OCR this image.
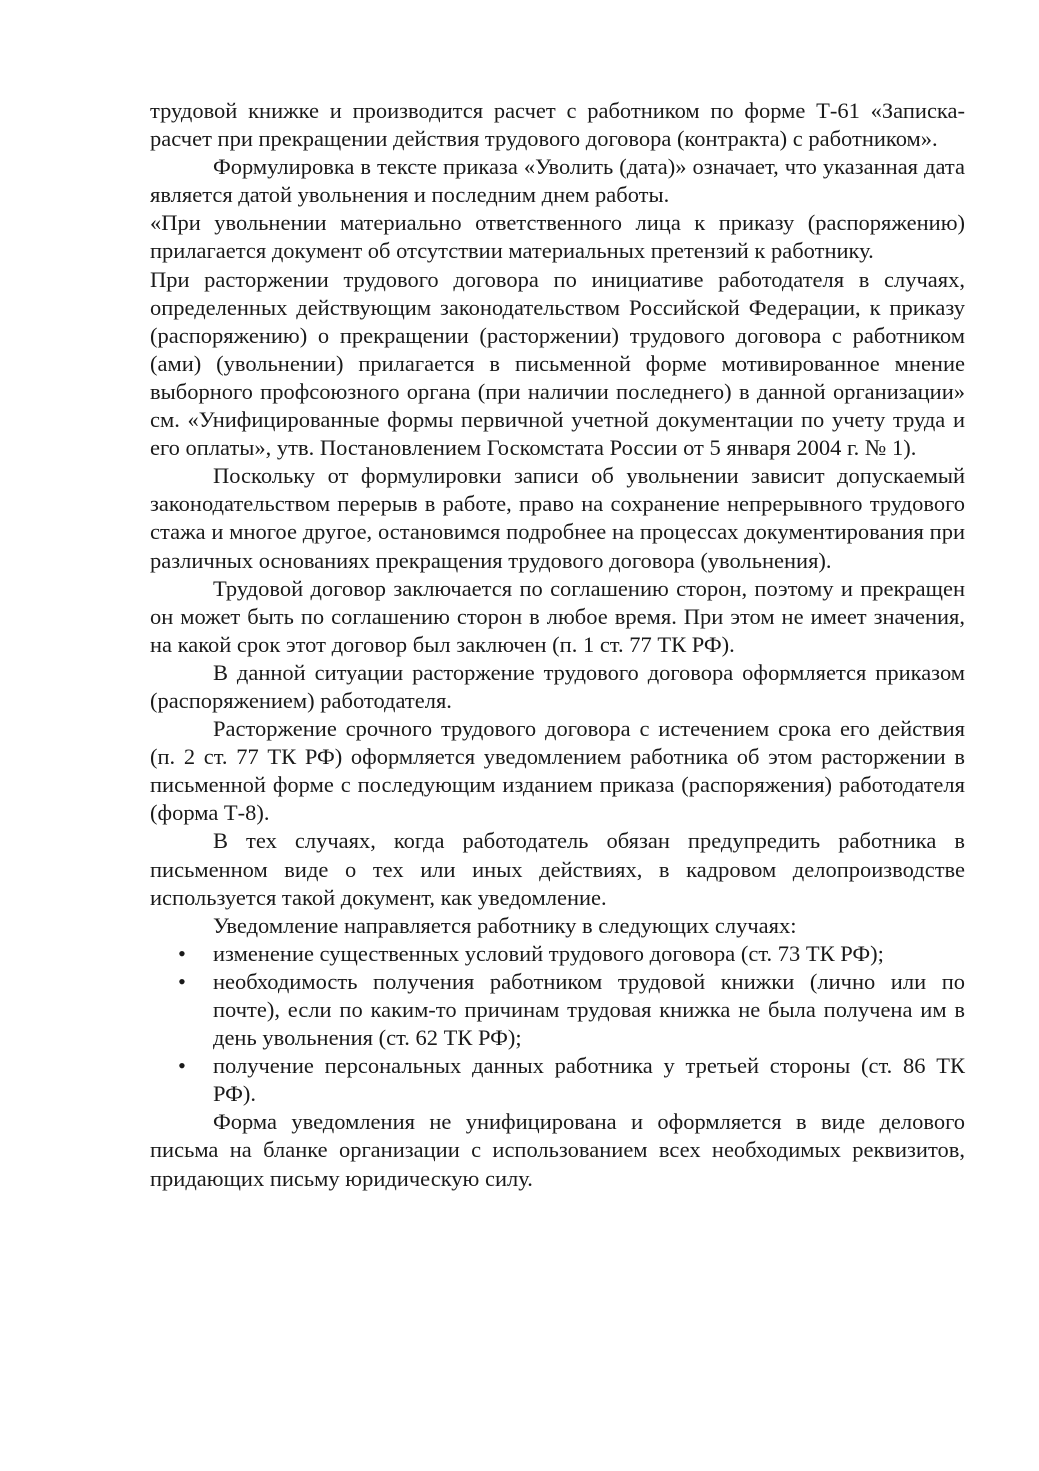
трудовой книжке и производится расчет с работником по форме Т-61 «Записка-расчет при прекращении действия трудового договора (контракта) с работником».

Формулировка в тексте приказа «Уволить (дата)» означает, что указанная дата является датой увольнения и последним днем работы.

«При увольнении материально ответственного лица к приказу (распоряжению) прилагается документ об отсутствии материальных претензий к работнику.

При расторжении трудового договора по инициативе работодателя в случаях, определенных действующим законодательством Российской Федерации, к приказу (распоряжению) о прекращении (расторжении) трудового договора с работником (ами) (увольнении) прилагается в письменной форме мотивированное мнение выборного профсоюзного органа (при наличии последнего) в данной организации» см. «Унифицированные формы первичной учетной документации по учету труда и его оплаты», утв. Постановлением Госкомстата России от 5 января 2004 г. № 1).

Поскольку от формулировки записи об увольнении зависит допускаемый законодательством перерыв в работе, право на сохранение непрерывного трудового стажа и многое другое, остановимся подробнее на процессах документирования при различных основаниях прекращения трудового договора (увольнения).

Трудовой договор заключается по соглашению сторон, поэтому и прекращен он может быть по соглашению сторон в любое время. При этом не имеет значения, на какой срок этот договор был заключен (п. 1 ст. 77 ТК РФ).

В данной ситуации расторжение трудового договора оформляется приказом (распоряжением) работодателя.

Расторжение срочного трудового договора с истечением срока его действия (п. 2 ст. 77 ТК РФ) оформляется уведомлением работника об этом расторжении в письменной форме с последующим изданием приказа (распоряжения) работодателя (форма Т-8).

В тех случаях, когда работодатель обязан предупредить работника в письменном виде о тех или иных действиях, в кадровом делопроизводстве используется такой документ, как уведомление.

Уведомление направляется работнику в следующих случаях:

• изменение существенных условий трудового договора (ст. 73 ТК РФ);
• необходимость получения работником трудовой книжки (лично или по почте), если по каким-то причинам трудовая книжка не была получена им в день увольнения (ст. 62 ТК РФ);
• получение персональных данных работника у третьей стороны (ст. 86 ТК РФ).

Форма уведомления не унифицирована и оформляется в виде делового письма на бланке организации с использованием всех необходимых реквизитов, придающих письму юридическую силу.
